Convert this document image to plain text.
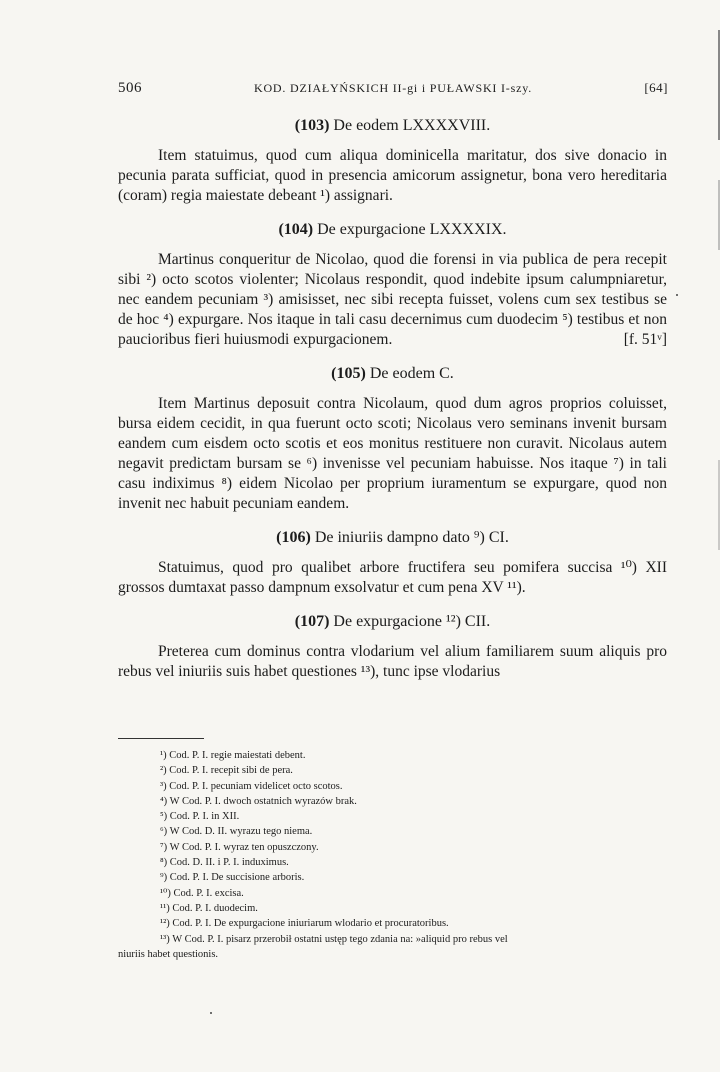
506	KOD. DZIAŁYŃSKICH II-gi i PUŁAWSKI I-szy.	[64]
(103) De eodem LXXXXVIII.

Item statuimus, quod cum aliqua dominicella maritatur, dos sive donacio in pecunia parata sufficiat, quod in presencia amicorum assignetur, bona vero hereditaria (coram) regia maiestate debeant ¹) assignari.

(104) De expurgacione LXXXXIX.

Martinus conqueritur de Nicolao, quod die forensi in via publica de pera recepit sibi ²) octo scotos violenter; Nicolaus respondit, quod indebite ipsum calumpniaretur, nec eandem pecuniam ³) amisisset, nec sibi recepta fuisset, volens cum sex testibus se de hoc ⁴) expurgare. Nos itaque in tali casu decernimus cum duodecim ⁵) testibus et non paucioribus fieri huiusmodi expurgacionem.	[f. 51ᵛ]

(105) De eodem C.

Item Martinus deposuit contra Nicolaum, quod dum agros proprios coluisset, bursa eidem cecidit, in qua fuerunt octo scoti; Nicolaus vero seminans invenit bursam eandem cum eisdem octo scotis et eos monitus restituere non curavit. Nicolaus autem negavit predictam bursam se ⁶) invenisse vel pecuniam habuisse. Nos itaque ⁷) in tali casu indiximus ⁸) eidem Nicolao per proprium iuramentum se expurgare, quod non invenit nec habuit pecuniam eandem.

(106) De iniuriis dampno dato ⁹) CI.

Statuimus, quod pro qualibet arbore fructifera seu pomifera succisa ¹⁰) XII grossos dumtaxat passo dampnum exsolvatur et cum pena XV ¹¹).

(107) De expurgacione ¹²) CII.

Preterea cum dominus contra vlodarium vel alium familiarem suum aliquis pro rebus vel iniuriis suis habet questiones ¹³), tunc ipse vlodarius

¹) Cod. P. I. regie maiestati debent.
²) Cod. P. I. recepit sibi de pera.
³) Cod. P. I. pecuniam videlicet octo scotos.
⁴) W Cod. P. I. dwoch ostatnich wyrazów brak.
⁵) Cod. P. I. in XII.
⁶) W Cod. D. II. wyrazu tego niema.
⁷) W Cod. P. I. wyraz ten opuszczony.
⁸) Cod. D. II. i P. I. induximus.
⁹) Cod. P. I. De succisione arboris.
¹⁰) Cod. P. I. excisa.
¹¹) Cod. P. I. duodecim.
¹²) Cod. P. I. De expurgacione iniuriarum wlodario et procuratoribus.
¹³) W Cod. P. I. pisarz przerobił ostatni ustęp tego zdania na: »aliquid pro rebus vel
niuriis habet questionis.
